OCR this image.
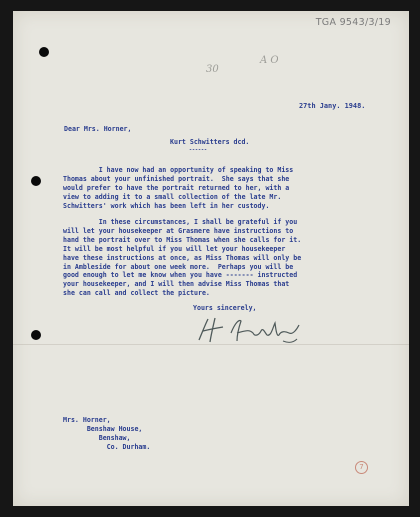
TGA 9543/3/19
30
A O
27th Jany. 1948.
Dear Mrs. Horner,
Kurt Schwitters dcd.
------
I have now had an opportunity of speaking to Miss
Thomas about your unfinished portrait.  She says that she
would prefer to have the portrait returned to her, with a
view to adding it to a small collection of the late Mr.
Schwitters' work which has been left in her custody.
In these circumstances, I shall be grateful if you
will let your housekeeper at Grasmere have instructions to
hand the portrait over to Miss Thomas when she calls for it.
It will be most helpful if you will let your housekeeper
have these instructions at once, as Miss Thomas will only be
in Ambleside for about one week more.  Perhaps you will be
good enough to let me know when you have ------- instructed
your housekeeper, and I will then advise Miss Thomas that
she can call and collect the picture.
Yours sincerely,
Mrs. Horner,
Benshaw House,
Benshaw,
Co. Durham.
7
